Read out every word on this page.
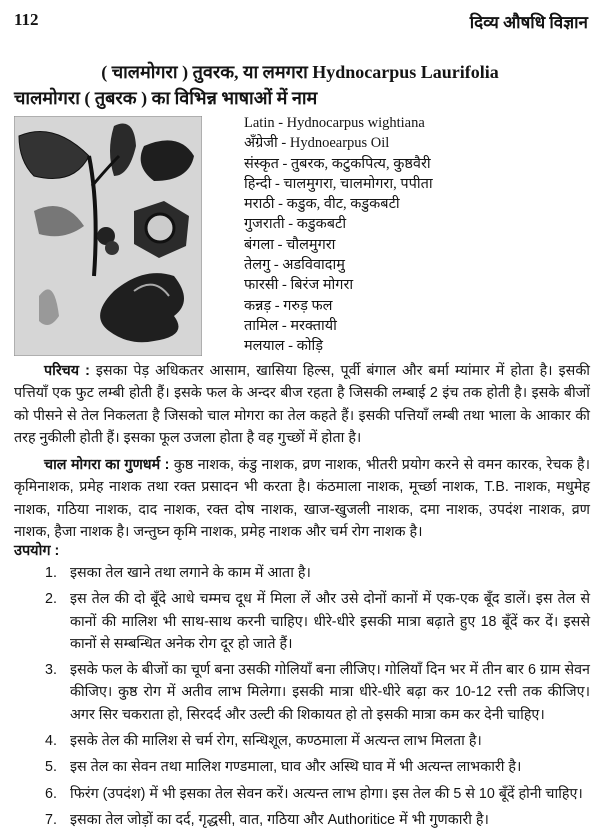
112	दिव्य औषधि विज्ञान
( चालमोगरा ) तुवरक, या लमगरा Hydnocarpus Laurifolia
चालमोगरा ( तुबरक ) का विभिन्न भाषाओं में नाम
Latin - Hydnocarpus wightiana
अँग्रेजी - Hydnoearpus Oil
संस्कृत - तुबरक, कटुकपित्य, कुष्ठवैरी
हिन्दी - चालमुगरा, चालमोगरा, पपीता
मराठी - कडुक, वीट, कडुकबटी
गुजराती - कडुकबटी
बंगला - चौलमुगरा
तेलगु - अडविवादामु
फारसी - बिरंज मोगरा
कन्नड़ - गरुड़ फल
तामिल - मरक्तायी
मलयाल - कोड़ि

परिचय : इसका पेड़ अधिकतर आसाम, खासिया हिल्स, पूर्वी बंगाल और बर्मा म्यांमार में होता है। इसकी पत्तियाँ एक फुट लम्बी होती हैं। इसके फल के अन्दर बीज रहता है जिसकी लम्बाई 2 इंच तक होती है। इसके बीजों को पीसने से तेल निकलता है जिसको चाल मोगरा का तेल कहते हैं। इसकी पत्तियाँ लम्बी तथा भाला के आकार की तरह नुकीली होती हैं। इसका फूल उजला होता है वह गुच्छों में होता है।

चाल मोगरा का गुणधर्म : कुष्ठ नाशक, कंडु नाशक, व्रण नाशक, भीतरी प्रयोग करने से वमन कारक, रेचक है। कृमिनाशक, प्रमेह नाशक तथा रक्त प्रसादन भी करता है। कंठमाला नाशक, मूर्च्छा नाशक, T.B. नाशक, मधुमेह नाशक, गठिया नाशक, दाद नाशक, रक्त दोष नाशक, खाज-खुजली नाशक, दमा नाशक, उपदंश नाशक, व्रण नाशक, हैजा नाशक है। जन्तुघ्न कृमि नाशक, प्रमेह नाशक और चर्म रोग नाशक है।

उपयोग :
1. इसका तेल खाने तथा लगाने के काम में आता है।
2. इस तेल की दो बूँदे आधे चम्मच दूध में मिला लें और उसे दोनों कानों में एक-एक बूँद डालें। इस तेल से कानों की मालिश भी साथ-साथ करनी चाहिए। धीरे-धीरे इसकी मात्रा बढ़ाते हुए 18 बूँदें कर दें। इससे कानों से सम्बन्धित अनेक रोग दूर हो जाते हैं।
3. इसके फल के बीजों का चूर्ण बना उसकी गोलियाँ बना लीजिए। गोलियाँ दिन भर में तीन बार 6 ग्राम सेवन कीजिए। कुष्ठ रोग में अतीव लाभ मिलेगा। इसकी मात्रा धीरे-धीरे बढ़ा कर 10-12 रत्ती तक कीजिए। अगर सिर चकराता हो, सिरदर्द और उल्टी की शिकायत हो तो इसकी मात्रा कम कर देनी चाहिए।
4. इसके तेल की मालिश से चर्म रोग, सन्धिशूल, कण्ठमाला में अत्यन्त लाभ मिलता है।
5. इस तेल का सेवन तथा मालिश गण्डमाला, घाव और अस्थि घाव में भी अत्यन्त लाभकारी है।
6. फिरंग (उपदंश) में भी इसका तेल सेवन करें। अत्यन्त लाभ होगा। इस तेल की 5 से 10 बूँदें होनी चाहिए।
7. इसका तेल जोड़ों का दर्द, गृद्धसी, वात, गठिया और Authoritice में भी गुणकारी है।
